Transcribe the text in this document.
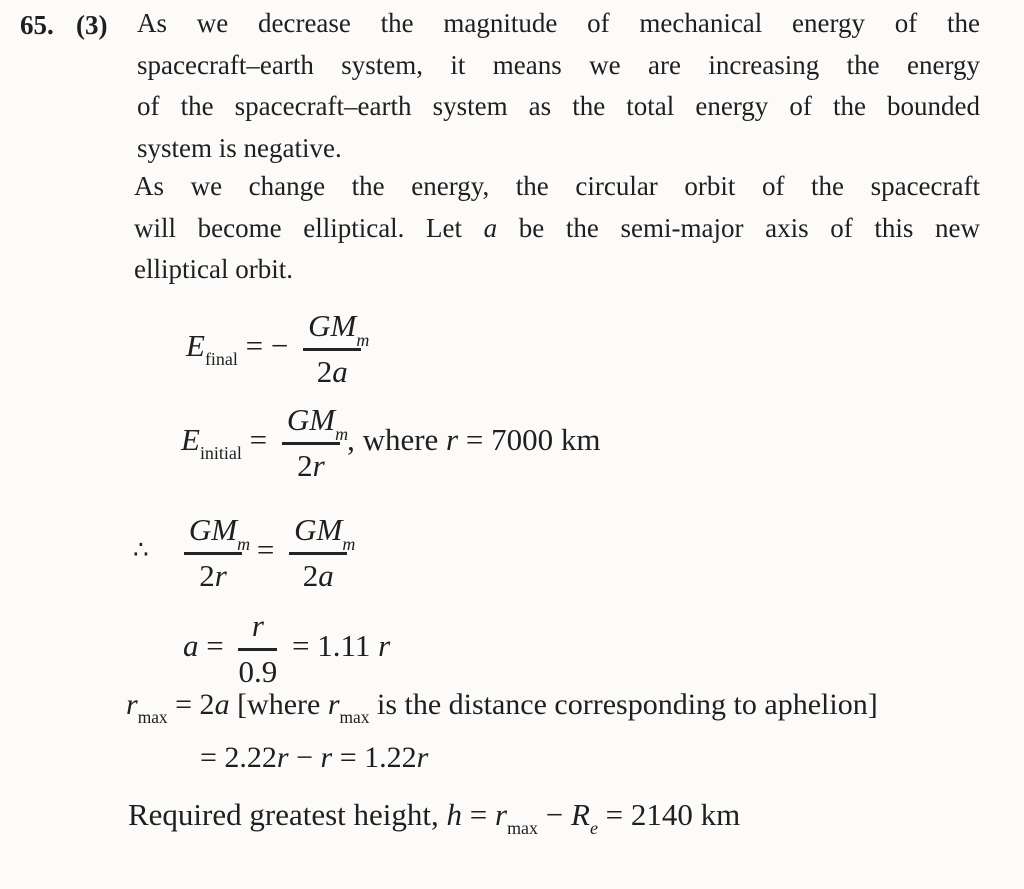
65. (3) As we decrease the magnitude of mechanical energy of the
spacecraft–earth system, it means we are increasing the energy
of the spacecraft–earth system as the total energy of the bounded
system is negative.
As we change the energy, the circular orbit of the spacecraft
will become elliptical. Let a be the semi-major axis of this new
elliptical orbit.
$E_{final}$ = − $\frac{\text{GMm}}{2a}$
$E_{initial} = \frac{\text{GMm}}{2r}$ , where r = 7000 km
∴ $\frac{\text{GMm}}{2r} = \frac{\text{GMm}}{2a}$
$a = \frac{r}{0.9} = 1.11$ r
$r_{max} = 2a$ [where $r_{max}$ is the distance corresponding to aphelion]
= 2.22r − r = 1.22r
Required greatest height, $h = r_{max} - R_e = 2140$ km
